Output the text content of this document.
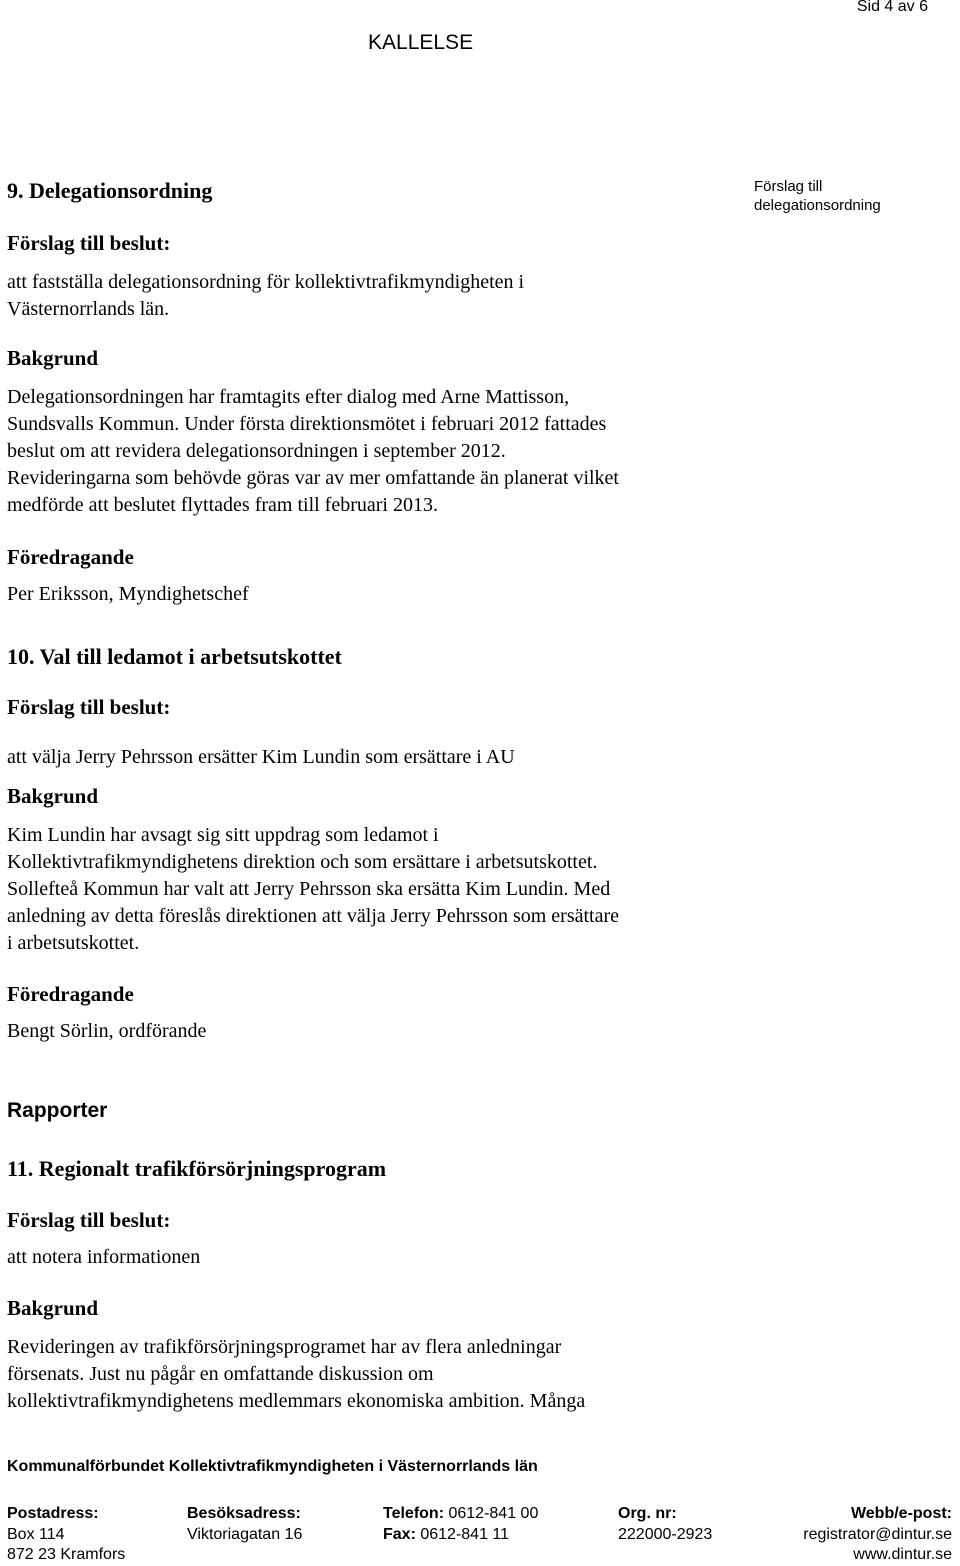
Sid 4 av 6
KALLELSE
Förslag till
delegationsordning
9. Delegationsordning
Förslag till beslut:
att fastställa delegationsordning för kollektivtrafikmyndigheten i
Västernorrlands län.
Bakgrund
Delegationsordningen har framtagits efter dialog med Arne Mattisson,
Sundsvalls Kommun. Under första direktionsmötet i februari 2012 fattades
beslut om att revidera delegationsordningen i september 2012.
Revideringarna som behövde göras var av mer omfattande än planerat vilket
medförde att beslutet flyttades fram till februari 2013.
Föredragande
Per Eriksson, Myndighetschef
10. Val till ledamot i arbetsutskottet
Förslag till beslut:
att välja Jerry Pehrsson ersätter Kim Lundin som ersättare i AU
Bakgrund
Kim Lundin har avsagt sig sitt uppdrag som ledamot i
Kollektivtrafikmyndighetens direktion och som ersättare i arbetsutskottet.
Sollefteå Kommun har valt att Jerry Pehrsson ska ersätta Kim Lundin. Med
anledning av detta föreslås direktionen att välja Jerry Pehrsson som ersättare
i arbetsutskottet.
Föredragande
Bengt Sörlin, ordförande
Rapporter
11. Regionalt trafikförsörjningsprogram
Förslag till beslut:
att notera informationen
Bakgrund
Revideringen av trafikförsörjningsprogramet har av flera anledningar
försenats. Just nu pågår en omfattande diskussion om
kollektivtrafikmyndighetens medlemmars ekonomiska ambition. Många
Kommunalförbundet Kollektivtrafikmyndigheten i Västernorrlands län
Postadress:
Box 114
872 23 Kramfors
Besöksadress:
Viktoriagatan 16
Telefon: 0612-841 00
Fax: 0612-841 11
Org. nr:
222000-2923
Webb/e-post:
registrator@dintur.se
www.dintur.se
